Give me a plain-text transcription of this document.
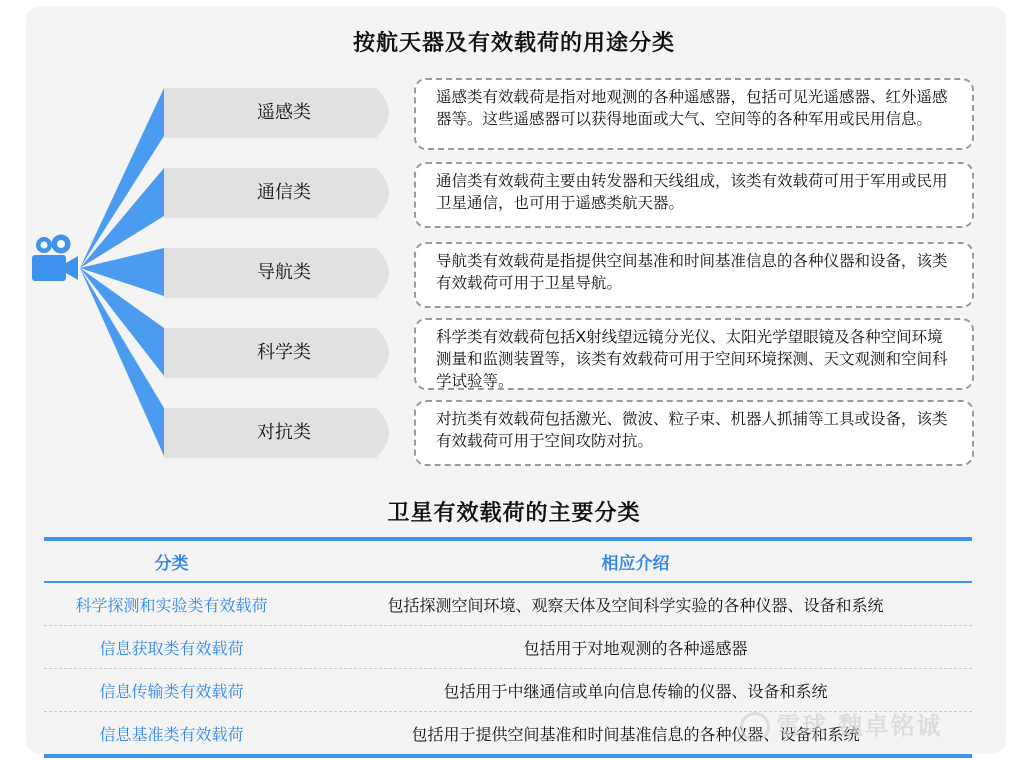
按航天器及有效载荷的用途分类
遥感类
通信类
导航类
科学类
对抗类
遥感类有效载荷是指对地观测的各种遥感器，包括可见光遥感器、红外遥感器等。这些遥感器可以获得地面或大气、空间等的各种军用或民用信息。
通信类有效载荷主要由转发器和天线组成，该类有效载荷可用于军用或民用卫星通信，也可用于遥感类航天器。
导航类有效载荷是指提供空间基准和时间基准信息的各种仪器和设备，该类有效载荷可用于卫星导航。
科学类有效载荷包括X射线望远镜分光仪、太阳光学望眼镜及各种空间环境测量和监测装置等，该类有效载荷可用于空间环境探测、天文观测和空间科学试验等。
对抗类有效载荷包括激光、微波、粒子束、机器人抓捕等工具或设备，该类有效载荷可用于空间攻防对抗。
卫星有效载荷的主要分类
分类	相应介绍
科学探测和实验类有效载荷	包括探测空间环境、观察天体及空间科学实验的各种仪器、设备和系统
信息获取类有效载荷	包括用于对地观测的各种遥感器
信息传输类有效载荷	包括用于中继通信或单向信息传输的仪器、设备和系统
信息基准类有效载荷	包括用于提供空间基准和时间基准信息的各种仪器、设备和系统
雪球 魏卓铭诚
